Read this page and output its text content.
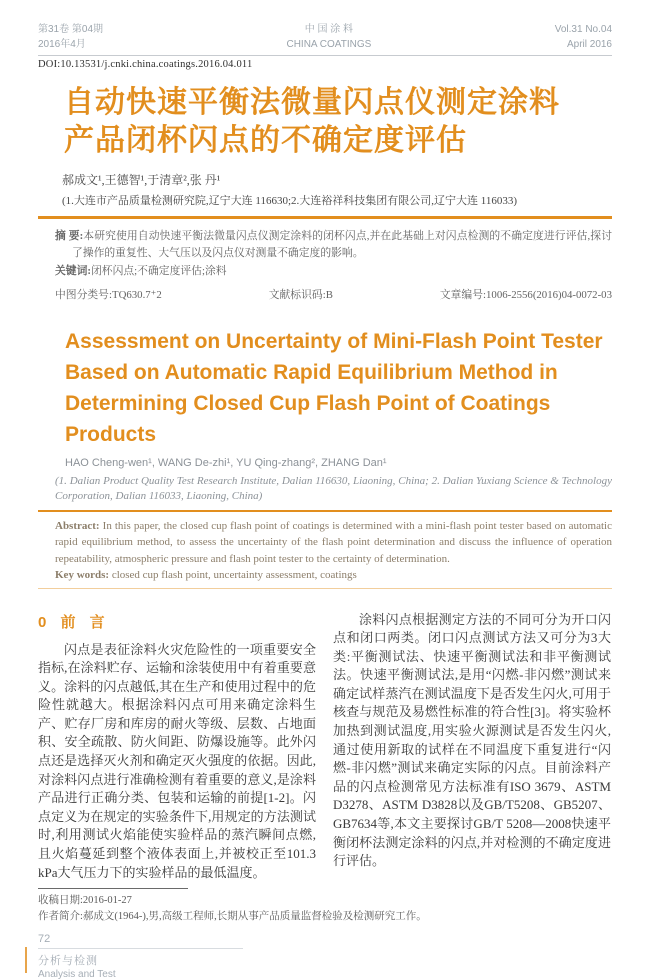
第31卷 第04期
2016年4月
中 国 涂 料
CHINA COATINGS
Vol.31 No.04
April 2016
DOI:10.13531/j.cnki.china.coatings.2016.04.011
自动快速平衡法微量闪点仪测定涂料
产品闭杯闪点的不确定度评估
郝成文¹,王德智¹,于清章²,张 丹¹
(1.大连市产品质量检测研究院,辽宁大连 116630;2.大连裕祥科技集团有限公司,辽宁大连 116033)

摘 要:本研究使用自动快速平衡法微量闪点仪测定涂料的闭杯闪点,并在此基础上对闪点检测的不确定度进行评估,探讨了操作的重复性、大气压以及闪点仪对测量不确定度的影响。

关键词:闭杯闪点;不确定度评估;涂料

中图分类号:TQ630.7⁺2	文献标识码:B	文章编号:1006-2556(2016)04-0072-03
Assessment on Uncertainty of Mini-Flash Point Tester Based on Automatic Rapid Equilibrium Method in Determining Closed Cup Flash Point of Coatings Products
HAO Cheng-wen¹, WANG De-zhi¹, YU Qing-zhang², ZHANG Dan¹
(1. Dalian Product Quality Test Research Institute, Dalian 116630, Liaoning, China; 2. Dalian Yuxiang Science & Technology Corporation, Dalian 116033, Liaoning, China)

Abstract: In this paper, the closed cup flash point of coatings is determined with a mini-flash point tester based on automatic rapid equilibrium method, to assess the uncertainty of the flash point determination and discuss the influence of operation repeatability, atmospheric pressure and flash point tester to the certainty of determination.

Key words: closed cup flash point, uncertainty assessment, coatings

0 前 言

闪点是表征涂料火灾危险性的一项重要安全指标,在涂料贮存、运输和涂装使用中有着重要意义。涂料的闪点越低,其在生产和使用过程中的危险性就越大。根据涂料闪点可用来确定涂料生产、贮存厂房和库房的耐火等级、层数、占地面积、安全疏散、防火间距、防爆设施等。此外闪点还是选择灭火剂和确定灭火强度的依据。因此,对涂料闪点进行准确检测有着重要的意义,是涂料产品进行正确分类、包装和运输的前提[1-2]。闪点定义为在规定的实验条件下,用规定的方法测试时,利用测试火焰能使实验样品的蒸汽瞬间点燃,且火焰蔓延到整个液体表面上,并被校正至101.3 kPa大气压力下的实验样品的最低温度。

涂料闪点根据测定方法的不同可分为开口闪点和闭口两类。闭口闪点测试方法又可分为3大类:平衡测试法、快速平衡测试法和非平衡测试法。快速平衡测试法,是用“闪燃-非闪燃”测试来确定试样蒸汽在测试温度下是否发生闪火,可用于核查与规范及易燃性标准的符合性[3]。将实验杯加热到测试温度,用实验火源测试是否发生闪火,通过使用新取的试样在不同温度下重复进行“闪燃-非闪燃”测试来确定实际的闪点。目前涂料产品的闪点检测常见方法标准有ISO 3679、ASTM D3278、ASTM D3828以及GB/T5208、GB5207、GB7634等,本文主要探讨GB/T 5208—2008快速平衡闭杯法测定涂料的闪点,并对检测的不确定度进行评估。

收稿日期:2016-01-27
作者简介:郝成文(1964-),男,高级工程师,长期从事产品质量监督检验及检测研究工作。
72
分析与检测
Analysis and Test
